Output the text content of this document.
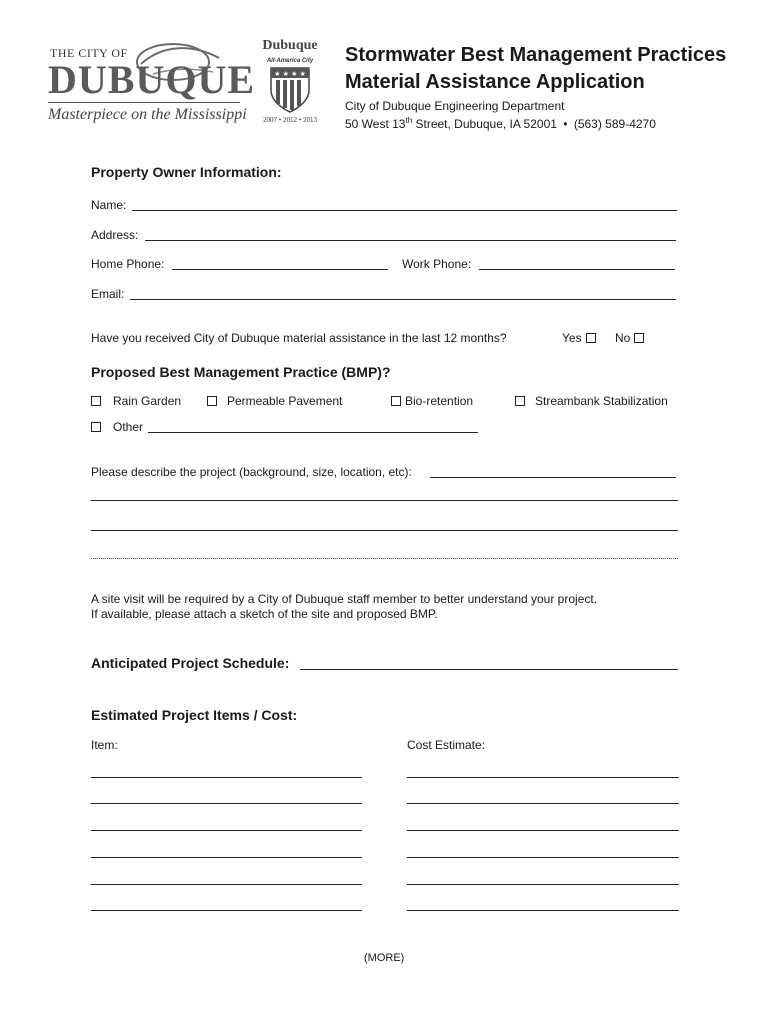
THE CITY OF
DUBUQUE
Masterpiece on the Mississippi
Dubuque
All-America City
★ ★ ★ ★
2007 • 2012 • 2013
Stormwater Best Management Practices
Material Assistance Application
City of Dubuque Engineering Department
50 West 13th Street, Dubuque, IA 52001 • (563) 589-4270
Property Owner Information:
Name:
Address:
Home Phone:	Work Phone:
Email:
Have you received City of Dubuque material assistance in the last 12 months?	Yes	No
Proposed Best Management Practice (BMP)?
Rain Garden	Permeable Pavement	Bio-retention	Streambank Stabilization
Other
Please describe the project (background, size, location, etc):
A site visit will be required by a City of Dubuque staff member to better understand your project.
If available, please attach a sketch of the site and proposed BMP.
Anticipated Project Schedule:
Estimated Project Items / Cost:
Item:	Cost Estimate:
(MORE)
